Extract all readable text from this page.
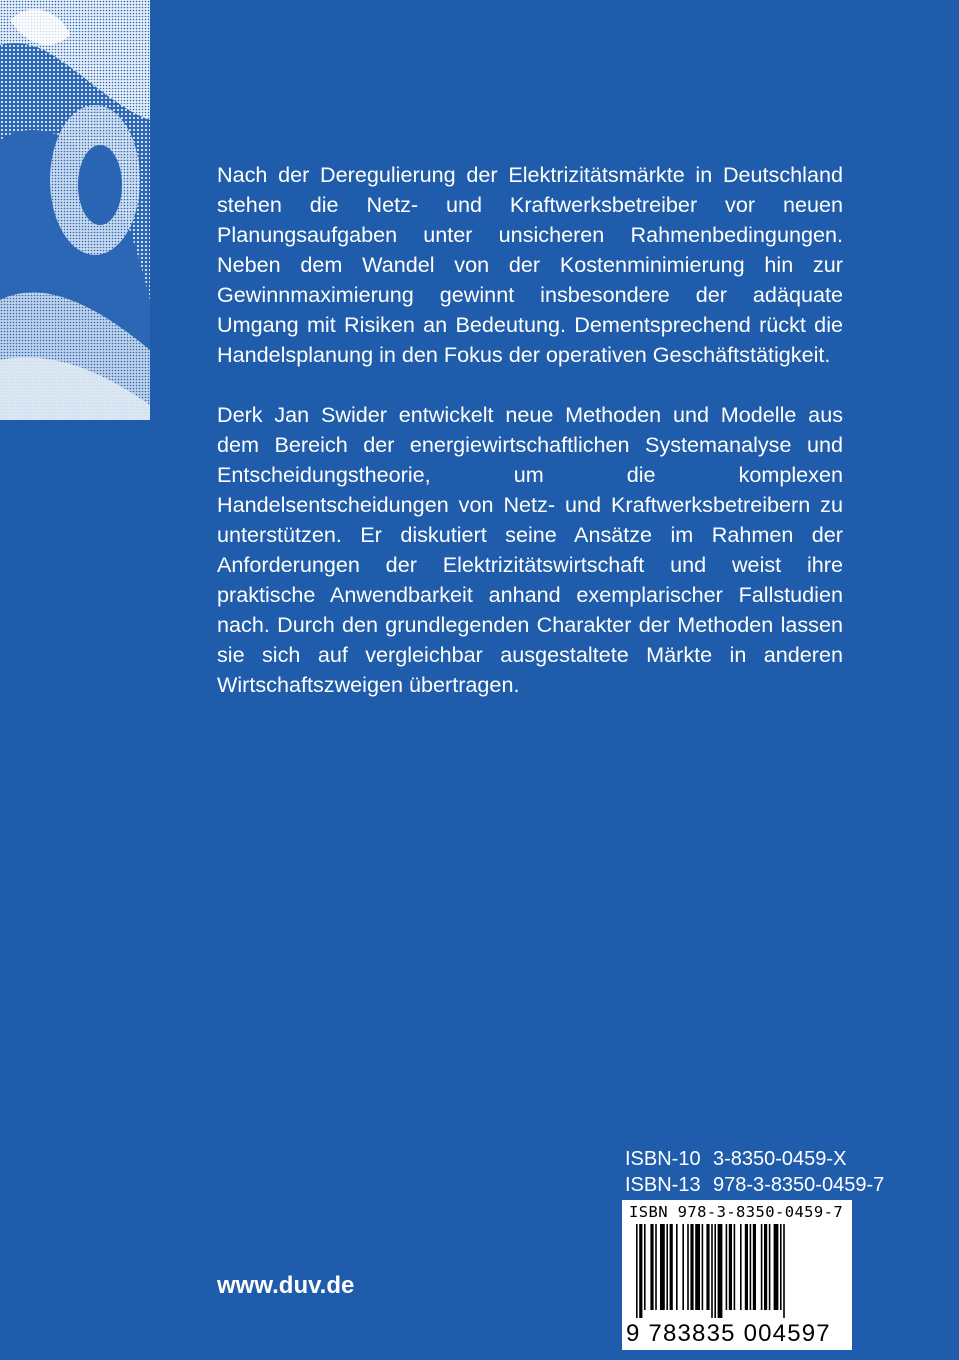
Nach der Deregulierung der Elektrizitätsmärkte in Deutschland stehen die Netz- und Kraftwerksbetreiber vor neuen Planungsaufgaben unter unsicheren Rahmenbedingungen. Neben dem Wandel von der Kostenminimierung hin zur Gewinnmaximierung gewinnt insbesondere der adäquate Umgang mit Risiken an Bedeutung. Dementsprechend rückt die Handelsplanung in den Fokus der operativen Geschäftstätigkeit.

Derk Jan Swider entwickelt neue Methoden und Modelle aus dem Bereich der energiewirtschaftlichen Systemanalyse und Entscheidungstheorie, um die komplexen Handelsentscheidungen von Netz- und Kraftwerksbetreibern zu unterstützen. Er diskutiert seine Ansätze im Rahmen der Anforderungen der Elektrizitätswirtschaft und weist ihre praktische Anwendbarkeit anhand exemplarischer Fallstudien nach. Durch den grundlegenden Charakter der Methoden lassen sie sich auf vergleichbar ausgestaltete Märkte in anderen Wirtschaftszweigen übertragen.

ISBN-10 3-8350-0459-X
ISBN-13 978-3-8350-0459-7
ISBN 978-3-8350-0459-7
9 783835 004597
www.duv.de
